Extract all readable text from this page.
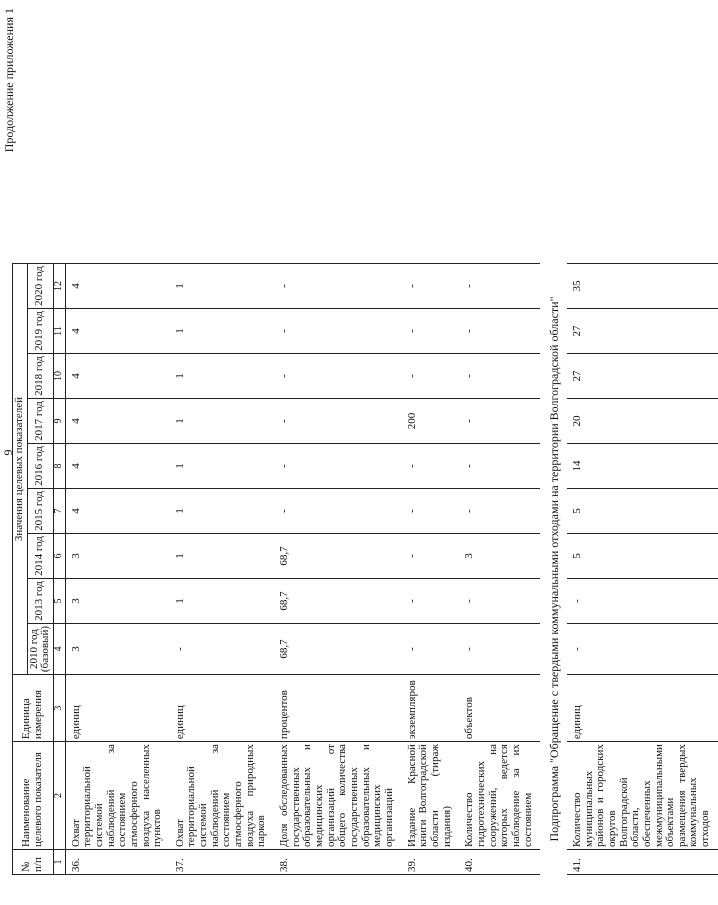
9
Продолжение приложения 1
№ п/п	Наименование целевого показателя	Единица измерения	Значения целевых показателей								
			2010 год (базовый)	2013 год	2014 год	2015 год	2016 год	2017 год	2018 год	2019 год	2020 год
1	2	3	4	5	6	7	8	9	10	11	12
36.	Охват территориальной системой наблюдений за состоянием атмосферного воздуха населенных пунктов	единиц	3	3	3	4	4	4	4	4	4
37.	Охват территориальной системой наблюдений за состоянием атмосферного воздуха природных парков	единиц	-	1	1	1	1	1	1	1	1
38.	Доля обследованных государственных образовательных и медицинских организаций от общего количества государственных образовательных и медицинских организаций	процентов	68,7	68,7	68,7	-	-	-	-	-	-
39.	Издание Красной книги Волгоградской области (тираж издания)	экземпляров	-	-	-	-	-	200	-	-	-
40.	Количество гидротехнических сооружений, на которых ведется наблюдение за их состоянием	объектов	-	-	3	-	-	-	-	-	-
Подпрограмма "Обращение с твердыми коммунальными отходами на территории Волгоградской области"											
41.	Количество муниципальных районов и городских округов Волгоградской области, обеспеченных межмуниципальными объектами размещения твердых коммунальных отходов	единиц	-	-	5	5	14	20	27	27	35
